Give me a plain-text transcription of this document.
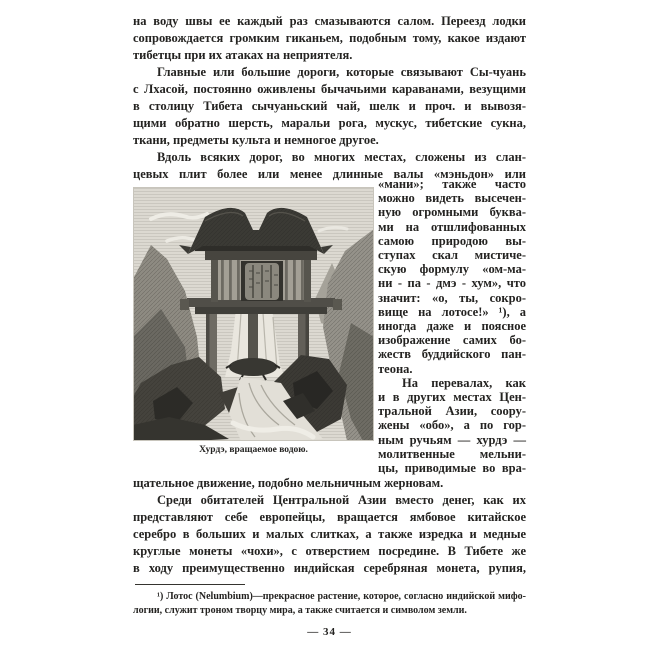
на воду швы ее каждый раз смазываются салом. Переезд лодки
сопровождается громким гиканьем, подобным тому, какое издают
тибетцы при их атаках на неприятеля.
Главные или большие дороги, которые связывают Сы-чуань
с Лхасой, постоянно оживлены бычачьими караванами, везущими
в столицу Тибета сычуаньский чай, шелк и проч. и вывозя-
щими обратно шерсть, маральи рога, мускус, тибетские сукна,
ткани, предметы культа и немногое другое.
Вдоль всяких дорог, во многих местах, сложены из слан-
цевых плит более или менее длинные валы «мэньдон» или
Хурдэ, вращаемое водою.
«мани»; также часто
можно видеть высечен-
ную огромными буква-
ми на отшлифованных
самою природою вы-
ступах скал мистиче-
скую формулу «ом-ма-
ни - па - дмэ - хум», что
значит: «о, ты, сокро-
вище на лотосе!» ¹), а
иногда даже и поясное
изображение самих бо-
жеств буддийского пан-
теона.
На перевалах, как
и в других местах Цен-
тральной Азии, соору-
жены «обо», а по гор-
ным ручьям — хурдэ —
молитвенные мельни-
цы, приводимые во вра-
щательное движение, подобно мельничным жерновам.
Среди обитателей Центральной Азии вместо денег, как их
представляют себе европейцы, вращается ямбовое китайское
серебро в больших и малых слитках, а также изредка и медные
круглые монеты «чохи», с отверстием посредине. В Тибете же
в ходу преимущественно индийская серебряная монета, рупия,
¹) Лотос (Nelumbium)—прекрасное растение, которое, согласно индийской мифо-
логии, служит троном творцу мира, а также считается и символом земли.
— 34 —
